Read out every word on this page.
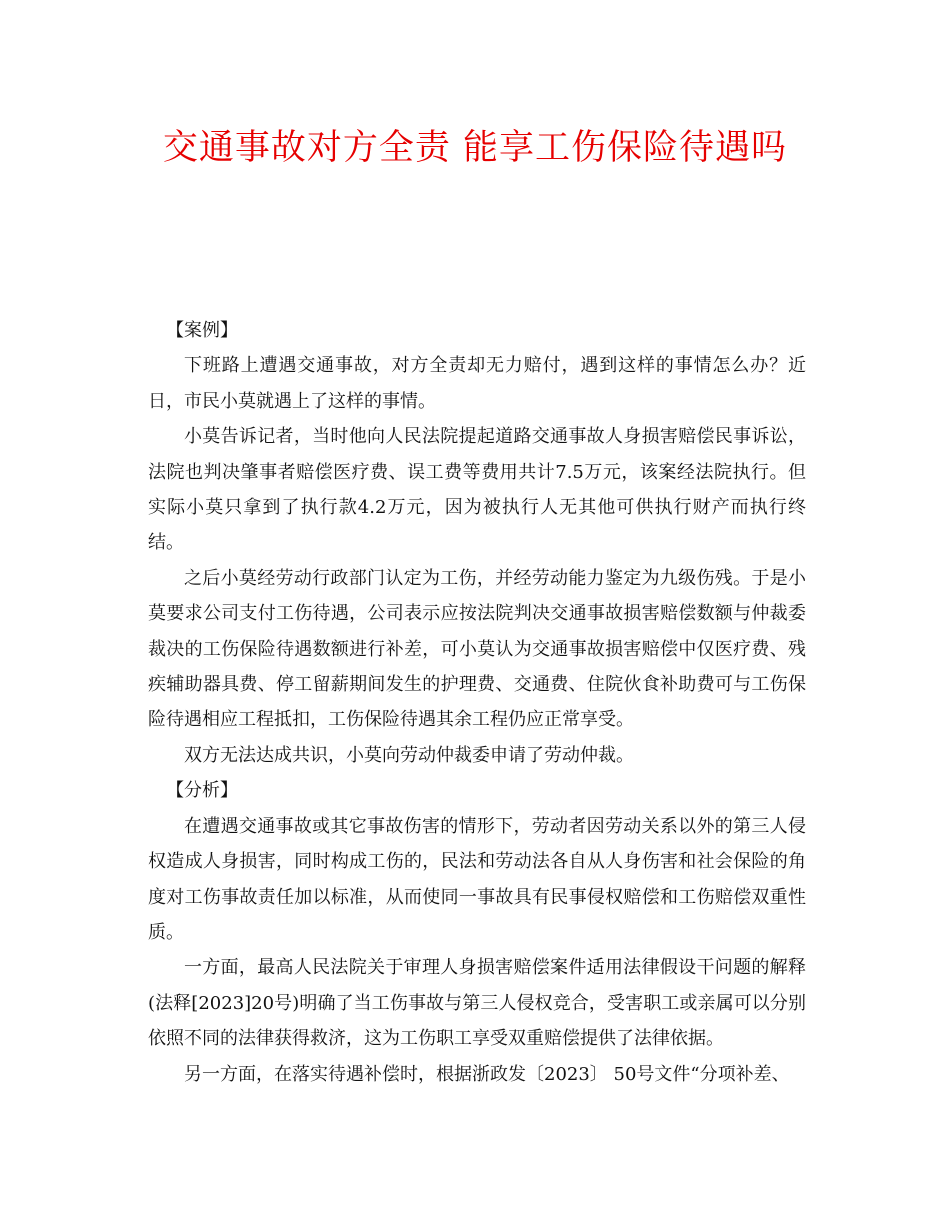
交通事故对方全责 能享工伤保险待遇吗

【案例】

下班路上遭遇交通事故，对方全责却无力赔付，遇到这样的事情怎么办？近日，市民小莫就遇上了这样的事情。

小莫告诉记者，当时他向人民法院提起道路交通事故人身损害赔偿民事诉讼，法院也判决肇事者赔偿医疗费、误工费等费用共计7.5万元，该案经法院执行。但实际小莫只拿到了执行款4.2万元，因为被执行人无其他可供执行财产而执行终结。

之后小莫经劳动行政部门认定为工伤，并经劳动能力鉴定为九级伤残。于是小莫要求公司支付工伤待遇，公司表示应按法院判决交通事故损害赔偿数额与仲裁委裁决的工伤保险待遇数额进行补差，可小莫认为交通事故损害赔偿中仅医疗费、残疾辅助器具费、停工留薪期间发生的护理费、交通费、住院伙食补助费可与工伤保险待遇相应工程抵扣，工伤保险待遇其余工程仍应正常享受。

双方无法达成共识，小莫向劳动仲裁委申请了劳动仲裁。

【分析】

在遭遇交通事故或其它事故伤害的情形下，劳动者因劳动关系以外的第三人侵权造成人身损害，同时构成工伤的，民法和劳动法各自从人身伤害和社会保险的角度对工伤事故责任加以标准，从而使同一事故具有民事侵权赔偿和工伤赔偿双重性质。

一方面，最高人民法院关于审理人身损害赔偿案件适用法律假设干问题的解释(法释[2023]20号)明确了当工伤事故与第三人侵权竞合，受害职工或亲属可以分别依照不同的法律获得救济，这为工伤职工享受双重赔偿提供了法律依据。

另一方面，在落实待遇补偿时，根据浙政发〔2023〕 50号文件“分项补差、
